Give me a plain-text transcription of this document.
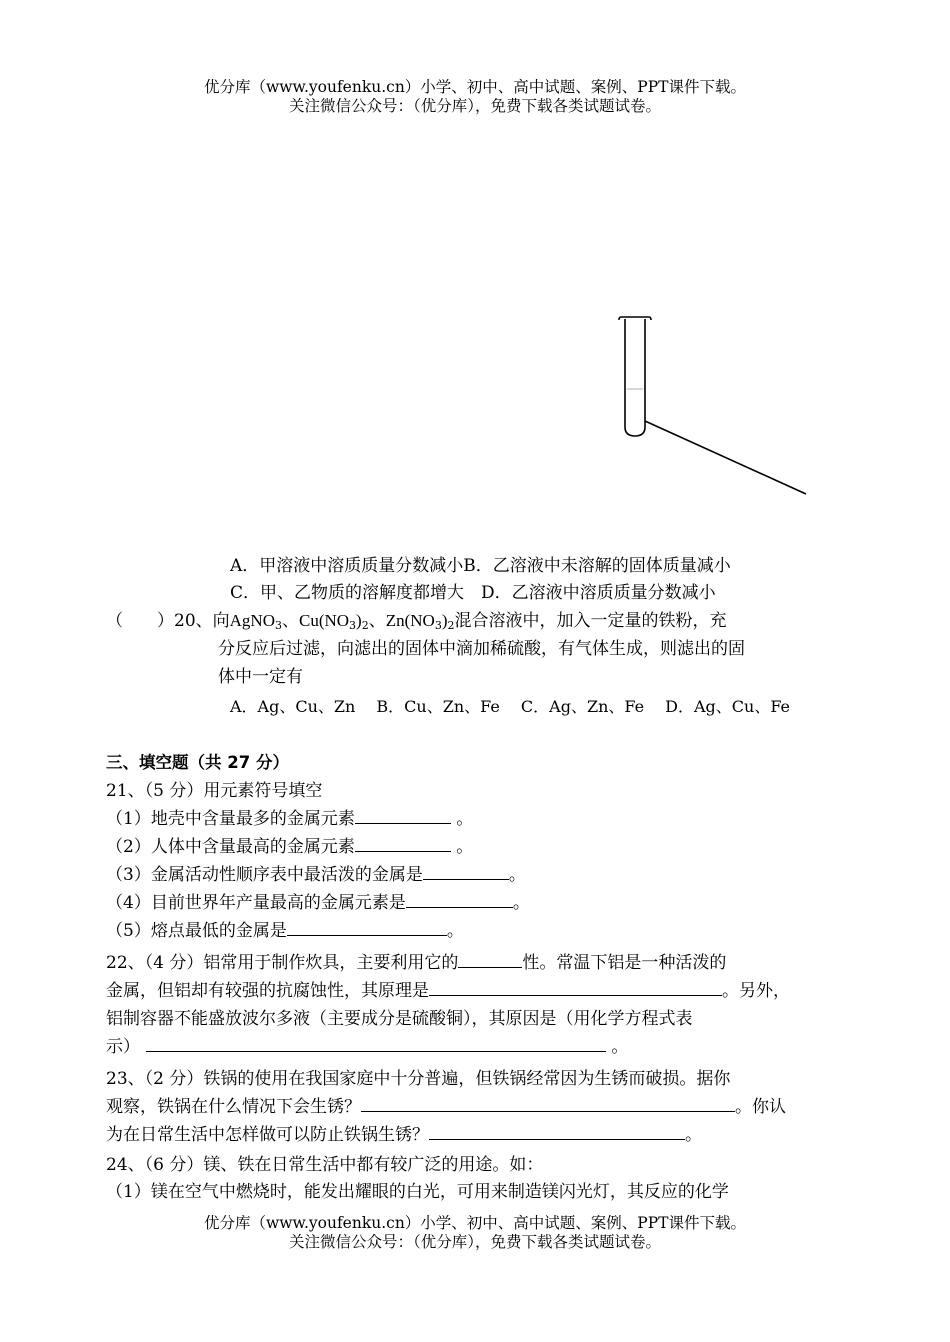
优分库（www.youfenku.cn）小学、初中、高中试题、案例、PPT课件下载。
关注微信公众号：（优分库），免费下载各类试题试卷。
A．甲溶液中溶质质量分数减小B．乙溶液中未溶解的固体质量减小
C．甲、乙物质的溶解度都增大 D．乙溶液中溶质质量分数减小
（　　）20、向AgNO$_3$、$Cu(NO_3)_2$、$Zn(NO_3)_2$混合溶液中，加入一定量的铁粉，充
分反应后过滤，向滤出的固体中滴加稀硫酸，有气体生成，则滤出的固
体中一定有
A．Ag、Cu、Zn　 B．Cu、Zn、Fe　 C．Ag、Zn、Fe　 D．Ag、Cu、Fe
三、填空题（共 27 分）
21、（5 分）用元素符号填空
（1）地壳中含量最多的金属元素	。
（2）人体中含量最高的金属元素	。
（3）金属活动性顺序表中最活泼的金属是	。
（4）目前世界年产量最高的金属元素是	。
（5）熔点最低的金属是	。
22、（4 分）铝常用于制作炊具，主要利用它的	性。常温下铝是一种活泼的
金属，但铝却有较强的抗腐蚀性，其原理是	。另外，
铝制容器不能盛放波尔多液（主要成分是硫酸铜），其原因是（用化学方程式表
示）	。
23、（2 分）铁锅的使用在我国家庭中十分普遍，但铁锅经常因为生锈而破损。据你
观察，铁锅在什么情况下会生锈？	。你认
为在日常生活中怎样做可以防止铁锅生锈？	。
24、（6 分）镁、铁在日常生活中都有较广泛的用途。如：
（1）镁在空气中燃烧时，能发出耀眼的白光，可用来制造镁闪光灯，其反应的化学
优分库（www.youfenku.cn）小学、初中、高中试题、案例、PPT课件下载。
关注微信公众号：（优分库），免费下载各类试题试卷。
